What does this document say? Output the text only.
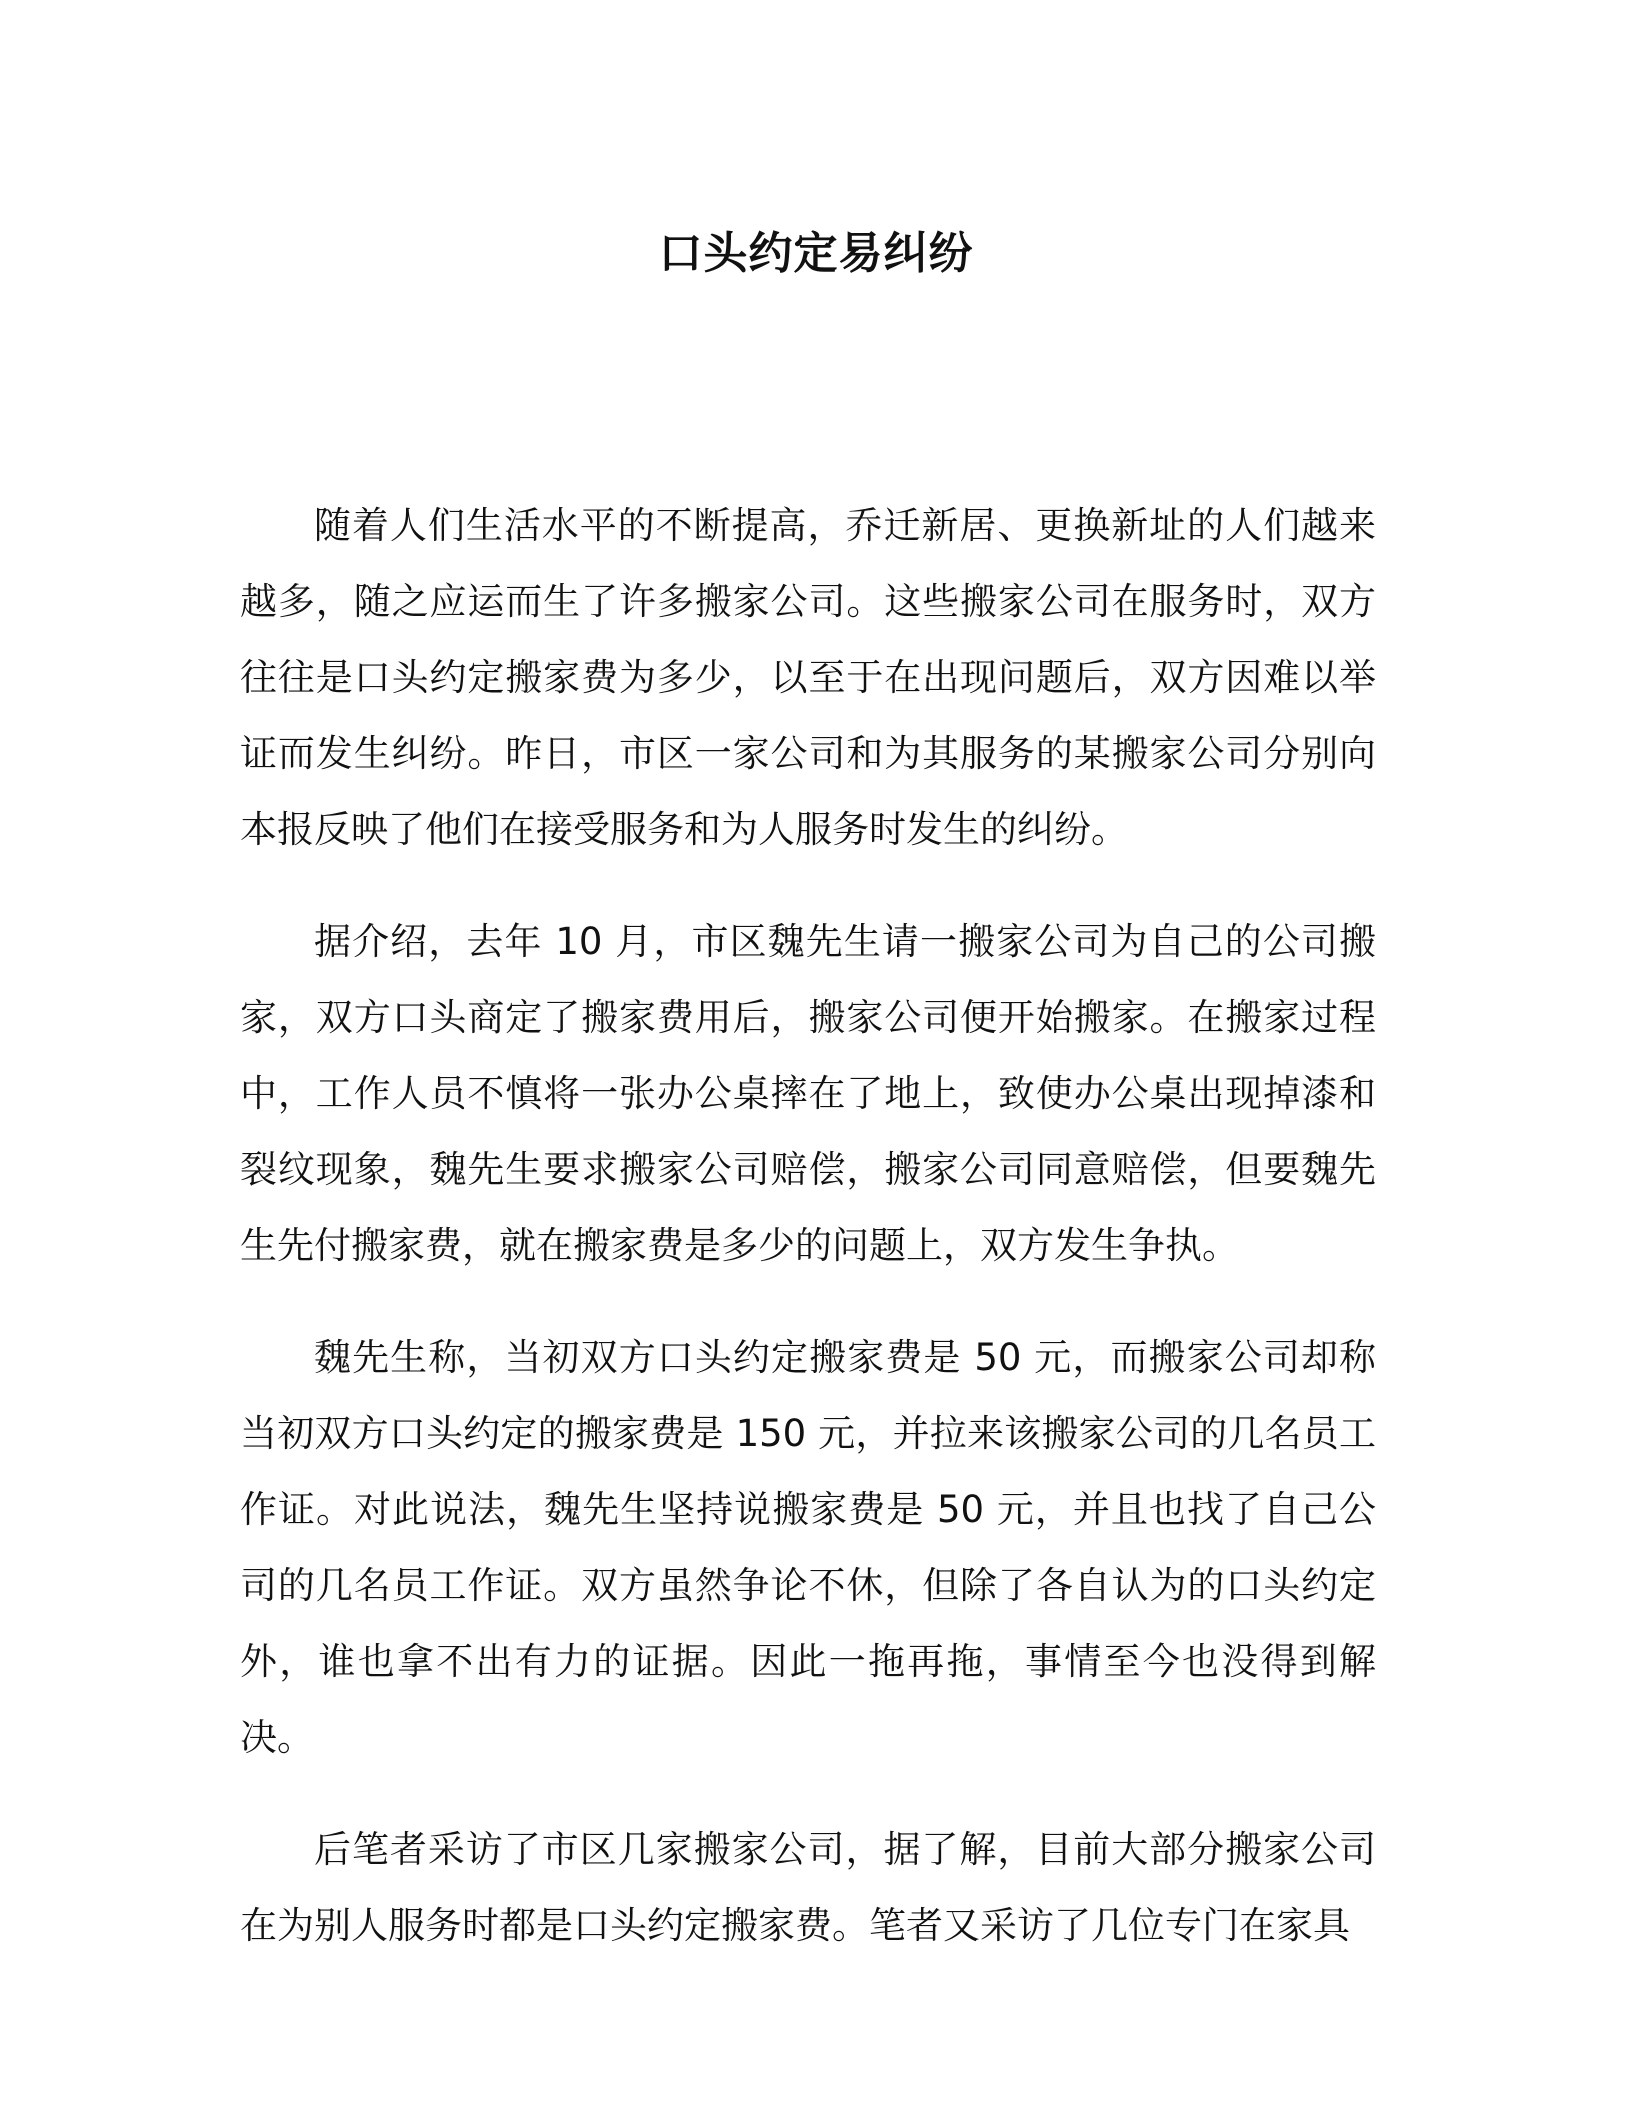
口头约定易纠纷

随着人们生活水平的不断提高，乔迁新居、更换新址的人们越来越多，随之应运而生了许多搬家公司。这些搬家公司在服务时，双方往往是口头约定搬家费为多少，以至于在出现问题后，双方因难以举证而发生纠纷。昨日，市区一家公司和为其服务的某搬家公司分别向本报反映了他们在接受服务和为人服务时发生的纠纷。

据介绍，去年 10 月，市区魏先生请一搬家公司为自己的公司搬家，双方口头商定了搬家费用后，搬家公司便开始搬家。在搬家过程中，工作人员不慎将一张办公桌摔在了地上，致使办公桌出现掉漆和裂纹现象，魏先生要求搬家公司赔偿，搬家公司同意赔偿，但要魏先生先付搬家费，就在搬家费是多少的问题上，双方发生争执。

魏先生称，当初双方口头约定搬家费是 50 元，而搬家公司却称当初双方口头约定的搬家费是 150 元，并拉来该搬家公司的几名员工作证。对此说法，魏先生坚持说搬家费是 50 元，并且也找了自己公司的几名员工作证。双方虽然争论不休，但除了各自认为的口头约定外，谁也拿不出有力的证据。因此一拖再拖，事情至今也没得到解决。

后笔者采访了市区几家搬家公司，据了解，目前大部分搬家公司在为别人服务时都是口头约定搬家费。笔者又采访了几位专门在家具
